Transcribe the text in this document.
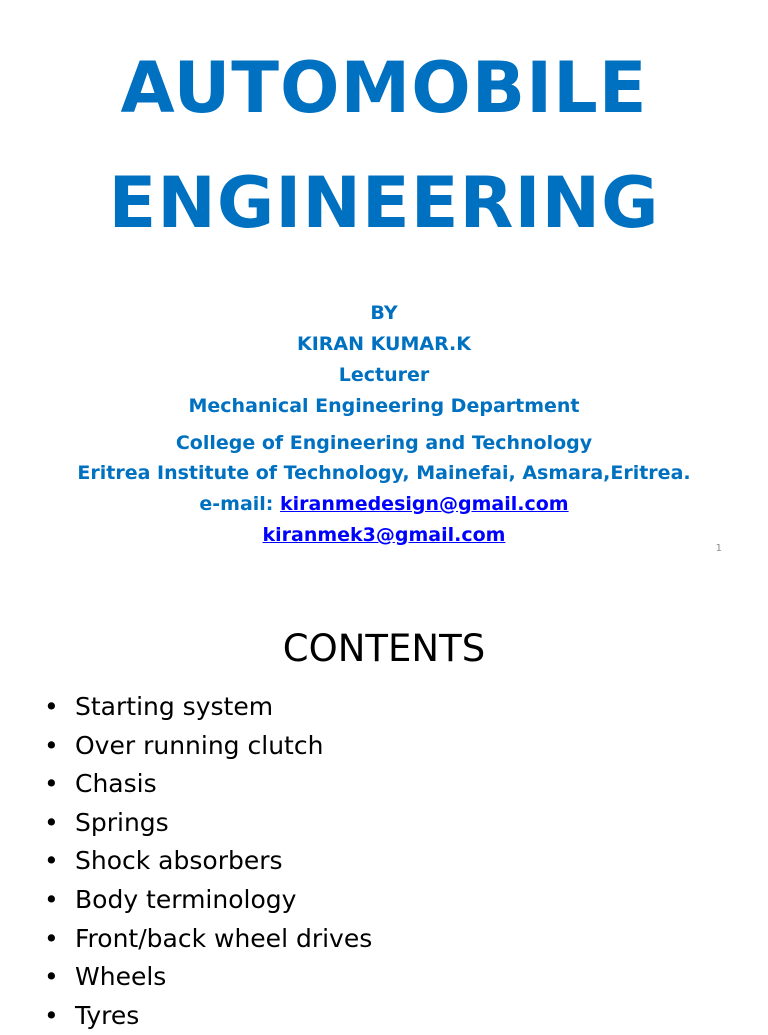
AUTOMOBILE
ENGINEERING
BY
KIRAN KUMAR.K
Lecturer
Mechanical Engineering Department
College of Engineering and Technology
Eritrea Institute of Technology, Mainefai, Asmara,Eritrea.
e-mail: kiranmedesign@gmail.com
kiranmek3@gmail.com
1
CONTENTS
• Starting system
• Over running clutch
• Chasis
• Springs
• Shock absorbers
• Body terminology
• Front/back wheel drives
• Wheels
• Tyres
